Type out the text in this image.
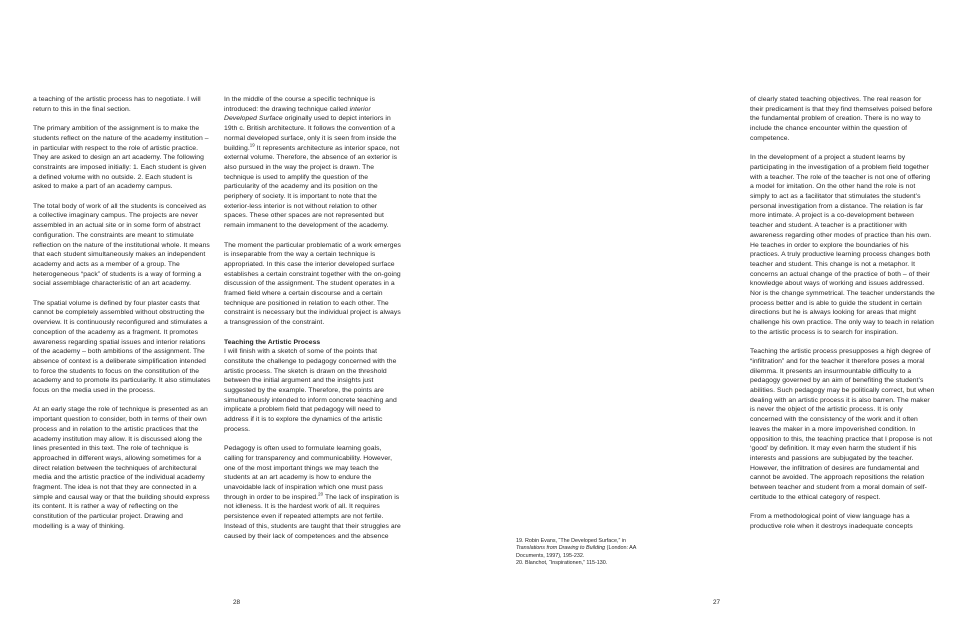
a teaching of the artistic process has to negotiate. I will return to this in the final section.

The primary ambition of the assignment is to make the students reflect on the nature of the academy institution – in particular with respect to the role of artistic practice. They are asked to design an art academy. The following constraints are imposed initially: 1. Each student is given a defined volume with no outside. 2. Each student is asked to make a part of an academy campus.

The total body of work of all the students is conceived as a collective imaginary campus. The projects are never assembled in an actual site or in some form of abstract configuration. The constraints are meant to stimulate reflection on the nature of the institutional whole. It means that each student simultaneously makes an independent academy and acts as a member of a group. The heterogeneous “pack” of students is a way of forming a social assemblage characteristic of an art academy.

The spatial volume is defined by four plaster casts that cannot be completely assembled without obstructing the overview. It is continuously reconfigured and stimulates a conception of the academy as a fragment. It promotes awareness regarding spatial issues and interior relations of the academy – both ambitions of the assignment. The absence of context is a deliberate simplification intended to force the students to focus on the constitution of the academy and to promote its particularity. It also stimulates focus on the media used in the process.

At an early stage the role of technique is presented as an important question to consider, both in terms of their own process and in relation to the artistic practices that the academy institution may allow. It is discussed along the lines presented in this text. The role of technique is approached in different ways, allowing sometimes for a direct relation between the techniques of architectural media and the artistic practice of the individual academy fragment. The idea is not that they are connected in a simple and causal way or that the building should express its content. It is rather a way of reflecting on the constitution of the particular project. Drawing and modelling is a way of thinking.

In the middle of the course a specific technique is introduced: the drawing technique called interior Developed Surface originally used to depict interiors in 19th c. British architecture. It follows the convention of a normal developed surface, only it is seen from inside the building.$^{19}$ It represents architecture as interior space, not external volume. Therefore, the absence of an exterior is also pursued in the way the project is drawn. The technique is used to amplify the question of the particularity of the academy and its position on the periphery of society. It is important to note that the exterior-less interior is not without relation to other spaces. These other spaces are not represented but remain immanent to the development of the academy.

The moment the particular problematic of a work emerges is inseparable from the way a certain technique is appropriated. In this case the interior developed surface establishes a certain constraint together with the on-going discussion of the assignment. The student operates in a framed field where a certain discourse and a certain technique are positioned in relation to each other. The constraint is necessary but the individual project is always a transgression of the constraint.

Teaching the Artistic Process

I will finish with a sketch of some of the points that constitute the challenge to pedagogy concerned with the artistic process. The sketch is drawn on the threshold between the initial argument and the insights just suggested by the example. Therefore, the points are simultaneously intended to inform concrete teaching and implicate a problem field that pedagogy will need to address if it is to explore the dynamics of the artistic process.

Pedagogy is often used to formulate learning goals, calling for transparency and communicability. However, one of the most important things we may teach the students at an art academy is how to endure the unavoidable lack of inspiration which one must pass through in order to be inspired.$^{20}$ The lack of inspiration is not idleness. It is the hardest work of all. It requires persistence even if repeated attempts are not fertile. Instead of this, students are taught that their struggles are caused by their lack of competences and the absence

28

of clearly stated teaching objectives. The real reason for their predicament is that they find themselves poised before the fundamental problem of creation. There is no way to include the chance encounter within the question of competence.

In the development of a project a student learns by participating in the investigation of a problem field together with a teacher. The role of the teacher is not one of offering a model for imitation. On the other hand the role is not simply to act as a facilitator that stimulates the student’s personal investigation from a distance. The relation is far more intimate. A project is a co-development between teacher and student. A teacher is a practitioner with awareness regarding other modes of practice than his own. He teaches in order to explore the boundaries of his practices. A truly productive learning process changes both teacher and student. This change is not a metaphor. It concerns an actual change of the practice of both – of their knowledge about ways of working and issues addressed. Nor is the change symmetrical. The teacher understands the process better and is able to guide the student in certain directions but he is always looking for areas that might challenge his own practice. The only way to teach in relation to the artistic process is to search for inspiration.

Teaching the artistic process presupposes a high degree of “infiltration” and for the teacher it therefore poses a moral dilemma. It presents an insurmountable difficulty to a pedagogy governed by an aim of benefiting the student’s abilities. Such pedagogy may be politically correct, but when dealing with an artistic process it is also barren. The maker is never the object of the artistic process. It is only concerned with the consistency of the work and it often leaves the maker in a more impoverished condition. In opposition to this, the teaching practice that I propose is not ‘good’ by definition. It may even harm the student if his interests and passions are subjugated by the teacher. However, the infiltration of desires are fundamental and cannot be avoided. The approach repositions the relation between teacher and student from a moral domain of self-certitude to the ethical category of respect.

From a methodological point of view language has a productive role when it destroys inadequate concepts

19. Robin Evans, “The Developed Surface,” in Translations from Drawing to Building (London: AA Documents, 1997), 195-232.

20. Blanchot, “Inspirationen,” 115-130.

27
